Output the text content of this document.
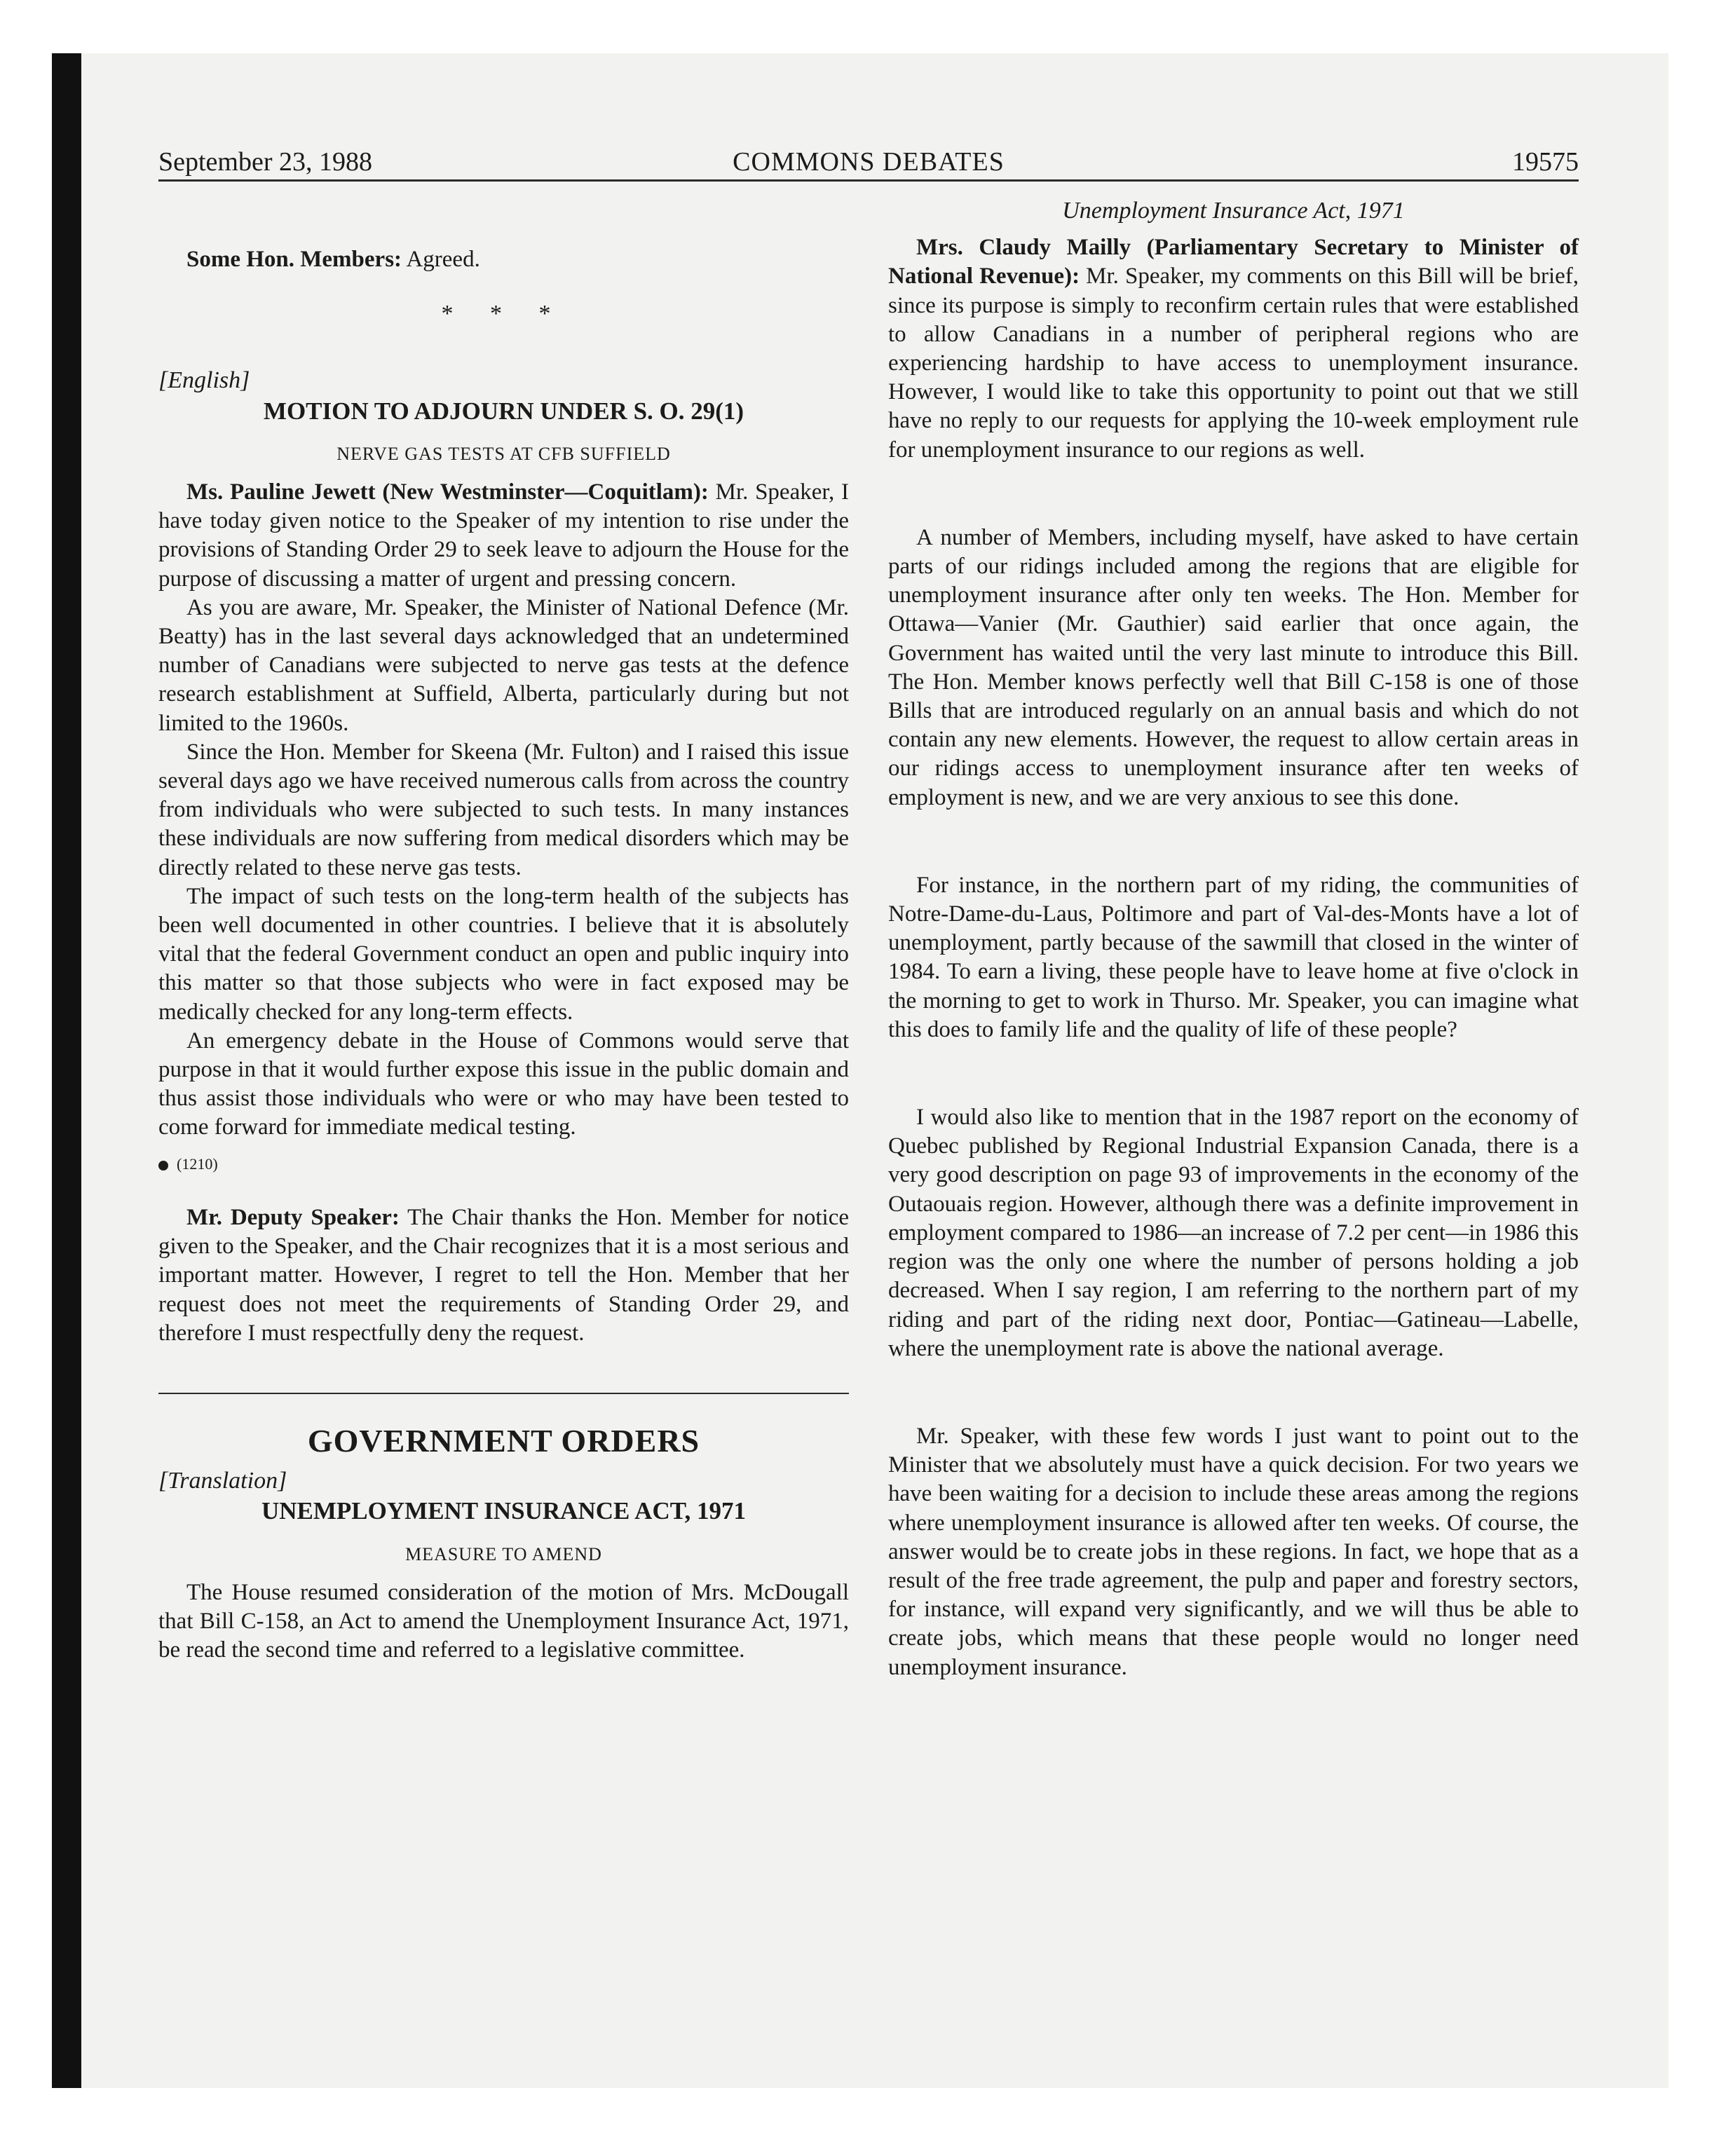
September 23, 1988	COMMONS DEBATES	19575

Some Hon. Members: Agreed.

* * *

[English]

MOTION TO ADJOURN UNDER S. O. 29(1)

NERVE GAS TESTS AT CFB SUFFIELD

Ms. Pauline Jewett (New Westminster—Coquitlam): Mr. Speaker, I have today given notice to the Speaker of my intention to rise under the provisions of Standing Order 29 to seek leave to adjourn the House for the purpose of discussing a matter of urgent and pressing concern.

As you are aware, Mr. Speaker, the Minister of National Defence (Mr. Beatty) has in the last several days acknowledged that an undetermined number of Canadians were subjected to nerve gas tests at the defence research establishment at Suffield, Alberta, particularly during but not limited to the 1960s.

Since the Hon. Member for Skeena (Mr. Fulton) and I raised this issue several days ago we have received numerous calls from across the country from individuals who were subjected to such tests. In many instances these individuals are now suffering from medical disorders which may be directly related to these nerve gas tests.

The impact of such tests on the long-term health of the subjects has been well documented in other countries. I believe that it is absolutely vital that the federal Government conduct an open and public inquiry into this matter so that those subjects who were in fact exposed may be medically checked for any long-term effects.

An emergency debate in the House of Commons would serve that purpose in that it would further expose this issue in the public domain and thus assist those individuals who were or who may have been tested to come forward for immediate medical testing.

(1210)

Mr. Deputy Speaker: The Chair thanks the Hon. Member for notice given to the Speaker, and the Chair recognizes that it is a most serious and important matter. However, I regret to tell the Hon. Member that her request does not meet the requirements of Standing Order 29, and therefore I must respectfully deny the request.

GOVERNMENT ORDERS

[Translation]

UNEMPLOYMENT INSURANCE ACT, 1971

MEASURE TO AMEND

The House resumed consideration of the motion of Mrs. McDougall that Bill C-158, an Act to amend the Unemployment Insurance Act, 1971, be read the second time and referred to a legislative committee.

Unemployment Insurance Act, 1971

Mrs. Claudy Mailly (Parliamentary Secretary to Minister of National Revenue): Mr. Speaker, my comments on this Bill will be brief, since its purpose is simply to reconfirm certain rules that were established to allow Canadians in a number of peripheral regions who are experiencing hardship to have access to unemployment insurance. However, I would like to take this opportunity to point out that we still have no reply to our requests for applying the 10-week employment rule for unemployment insurance to our regions as well.

A number of Members, including myself, have asked to have certain parts of our ridings included among the regions that are eligible for unemployment insurance after only ten weeks. The Hon. Member for Ottawa—Vanier (Mr. Gauthier) said earlier that once again, the Government has waited until the very last minute to introduce this Bill. The Hon. Member knows perfectly well that Bill C-158 is one of those Bills that are introduced regularly on an annual basis and which do not contain any new elements. However, the request to allow certain areas in our ridings access to unemployment insurance after ten weeks of employment is new, and we are very anxious to see this done.

For instance, in the northern part of my riding, the communities of Notre-Dame-du-Laus, Poltimore and part of Val-des-Monts have a lot of unemployment, partly because of the sawmill that closed in the winter of 1984. To earn a living, these people have to leave home at five o'clock in the morning to get to work in Thurso. Mr. Speaker, you can imagine what this does to family life and the quality of life of these people?

I would also like to mention that in the 1987 report on the economy of Quebec published by Regional Industrial Expansion Canada, there is a very good description on page 93 of improvements in the economy of the Outaouais region. However, although there was a definite improvement in employment compared to 1986—an increase of 7.2 per cent—in 1986 this region was the only one where the number of persons holding a job decreased. When I say region, I am referring to the northern part of my riding and part of the riding next door, Pontiac—Gatineau—Labelle, where the unemployment rate is above the national average.

Mr. Speaker, with these few words I just want to point out to the Minister that we absolutely must have a quick decision. For two years we have been waiting for a decision to include these areas among the regions where unemployment insurance is allowed after ten weeks. Of course, the answer would be to create jobs in these regions. In fact, we hope that as a result of the free trade agreement, the pulp and paper and forestry sectors, for instance, will expand very significantly, and we will thus be able to create jobs, which means that these people would no longer need unemployment insurance.
